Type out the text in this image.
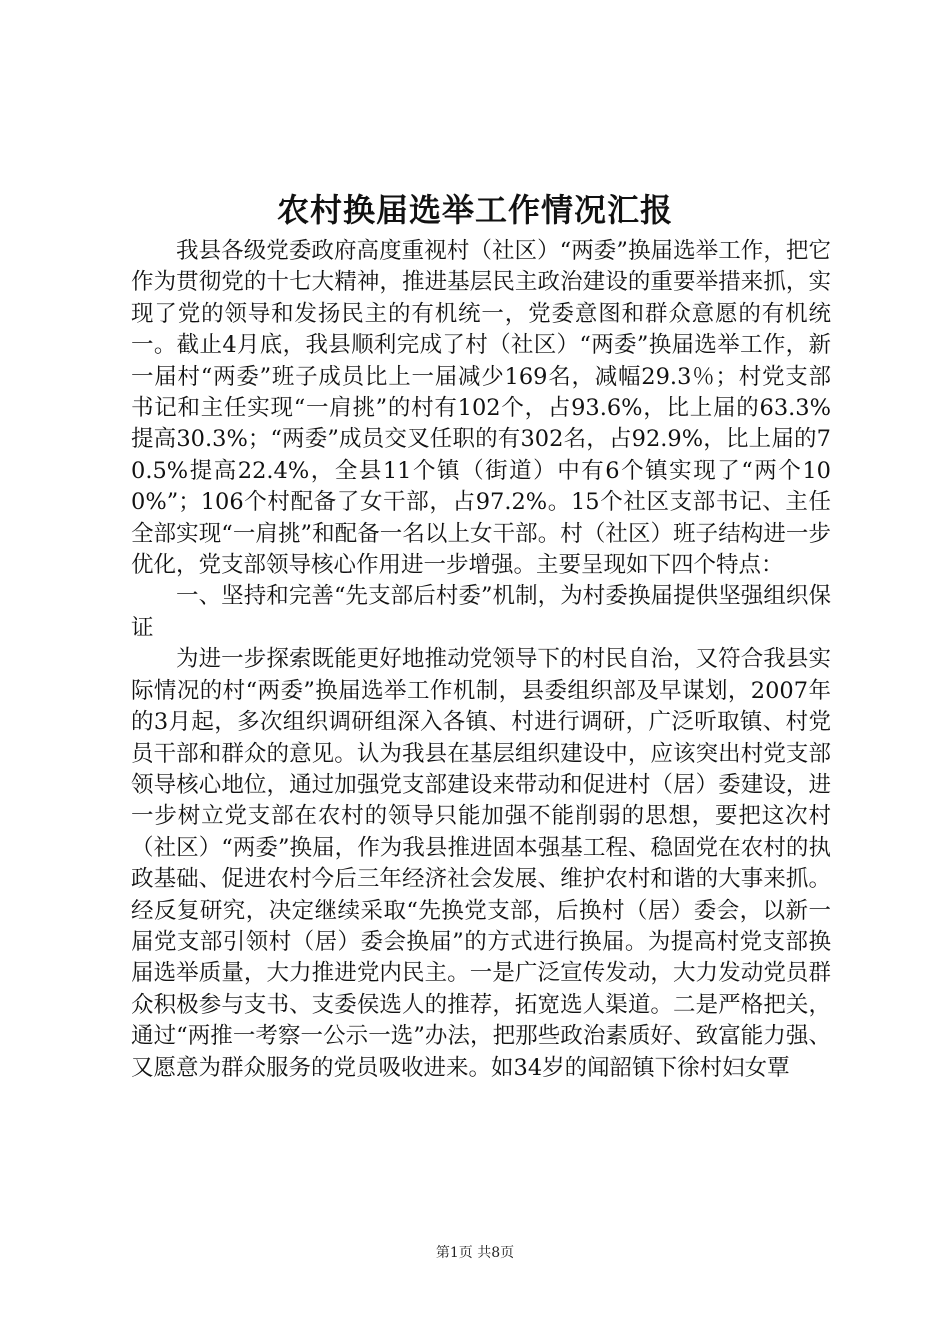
农村换届选举工作情况汇报

我县各级党委政府高度重视村（社区）“两委”换届选举工作，把它作为贯彻党的十七大精神，推进基层民主政治建设的重要举措来抓，实现了党的领导和发扬民主的有机统一，党委意图和群众意愿的有机统一。截止4月底，我县顺利完成了村（社区）“两委”换届选举工作，新一届村“两委”班子成员比上一届减少169名，减幅29.3％；村党支部书记和主任实现“一肩挑”的村有102个，占93.6%，比上届的63.3%提高30.3%；“两委”成员交叉任职的有302名，占92.9%，比上届的70.5%提高22.4%，全县11个镇（街道）中有6个镇实现了“两个100%”；106个村配备了女干部，占97.2%。15个社区支部书记、主任全部实现“一肩挑”和配备一名以上女干部。村（社区）班子结构进一步优化，党支部领导核心作用进一步增强。主要呈现如下四个特点：

一、坚持和完善“先支部后村委”机制，为村委换届提供坚强组织保证

为进一步探索既能更好地推动党领导下的村民自治，又符合我县实际情况的村“两委”换届选举工作机制，县委组织部及早谋划，2007年的3月起，多次组织调研组深入各镇、村进行调研，广泛听取镇、村党员干部和群众的意见。认为我县在基层组织建设中，应该突出村党支部领导核心地位，通过加强党支部建设来带动和促进村（居）委建设，进一步树立党支部在农村的领导只能加强不能削弱的思想，要把这次村（社区）“两委”换届，作为我县推进固本强基工程、稳固党在农村的执政基础、促进农村今后三年经济社会发展、维护农村和谐的大事来抓。经反复研究，决定继续采取“先换党支部，后换村（居）委会，以新一届党支部引领村（居）委会换届”的方式进行换届。为提高村党支部换届选举质量，大力推进党内民主。一是广泛宣传发动，大力发动党员群众积极参与支书、支委侯选人的推荐，拓宽选人渠道。二是严格把关，通过“两推一考察一公示一选”办法，把那些政治素质好、致富能力强、又愿意为群众服务的党员吸收进来。如34岁的闻韶镇下徐村妇女覃

第1页 共8页
